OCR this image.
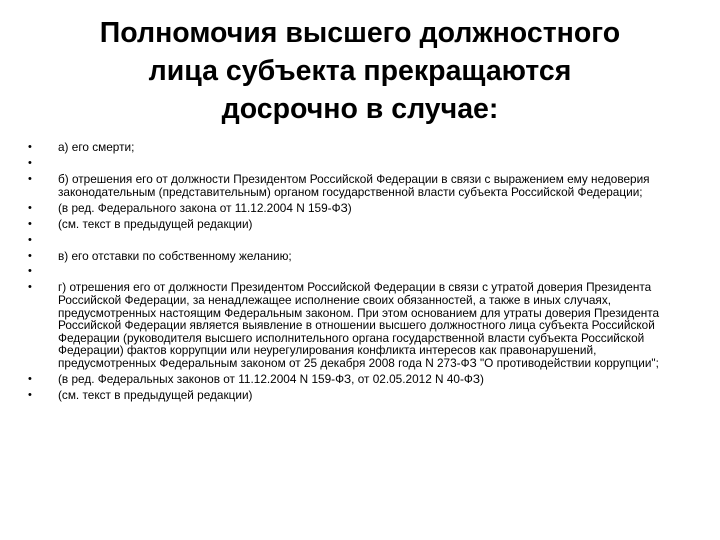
Полномочия высшего должностного
лица субъекта прекращаются
досрочно в случае:
•	а) его смерти;
•
•	б) отрешения его от должности Президентом Российской Федерации в связи с выражением ему недоверия законодательным (представительным) органом государственной власти субъекта Российской Федерации;
•	(в ред. Федерального закона от 11.12.2004 N 159-ФЗ)
•	(см. текст в предыдущей редакции)
•
•	в) его отставки по собственному желанию;
•
•	г) отрешения его от должности Президентом Российской Федерации в связи с утратой доверия Президента Российской Федерации, за ненадлежащее исполнение своих обязанностей, а также в иных случаях, предусмотренных настоящим Федеральным законом. При этом основанием для утраты доверия Президента Российской Федерации является выявление в отношении высшего должностного лица субъекта Российской Федерации (руководителя высшего исполнительного органа государственной власти субъекта Российской Федерации) фактов коррупции или неурегулирования конфликта интересов как правонарушений, предусмотренных Федеральным законом от 25 декабря 2008 года N 273-ФЗ "О противодействии коррупции";
•	(в ред. Федеральных законов от 11.12.2004 N 159-ФЗ, от 02.05.2012 N 40-ФЗ)
•	(см. текст в предыдущей редакции)
